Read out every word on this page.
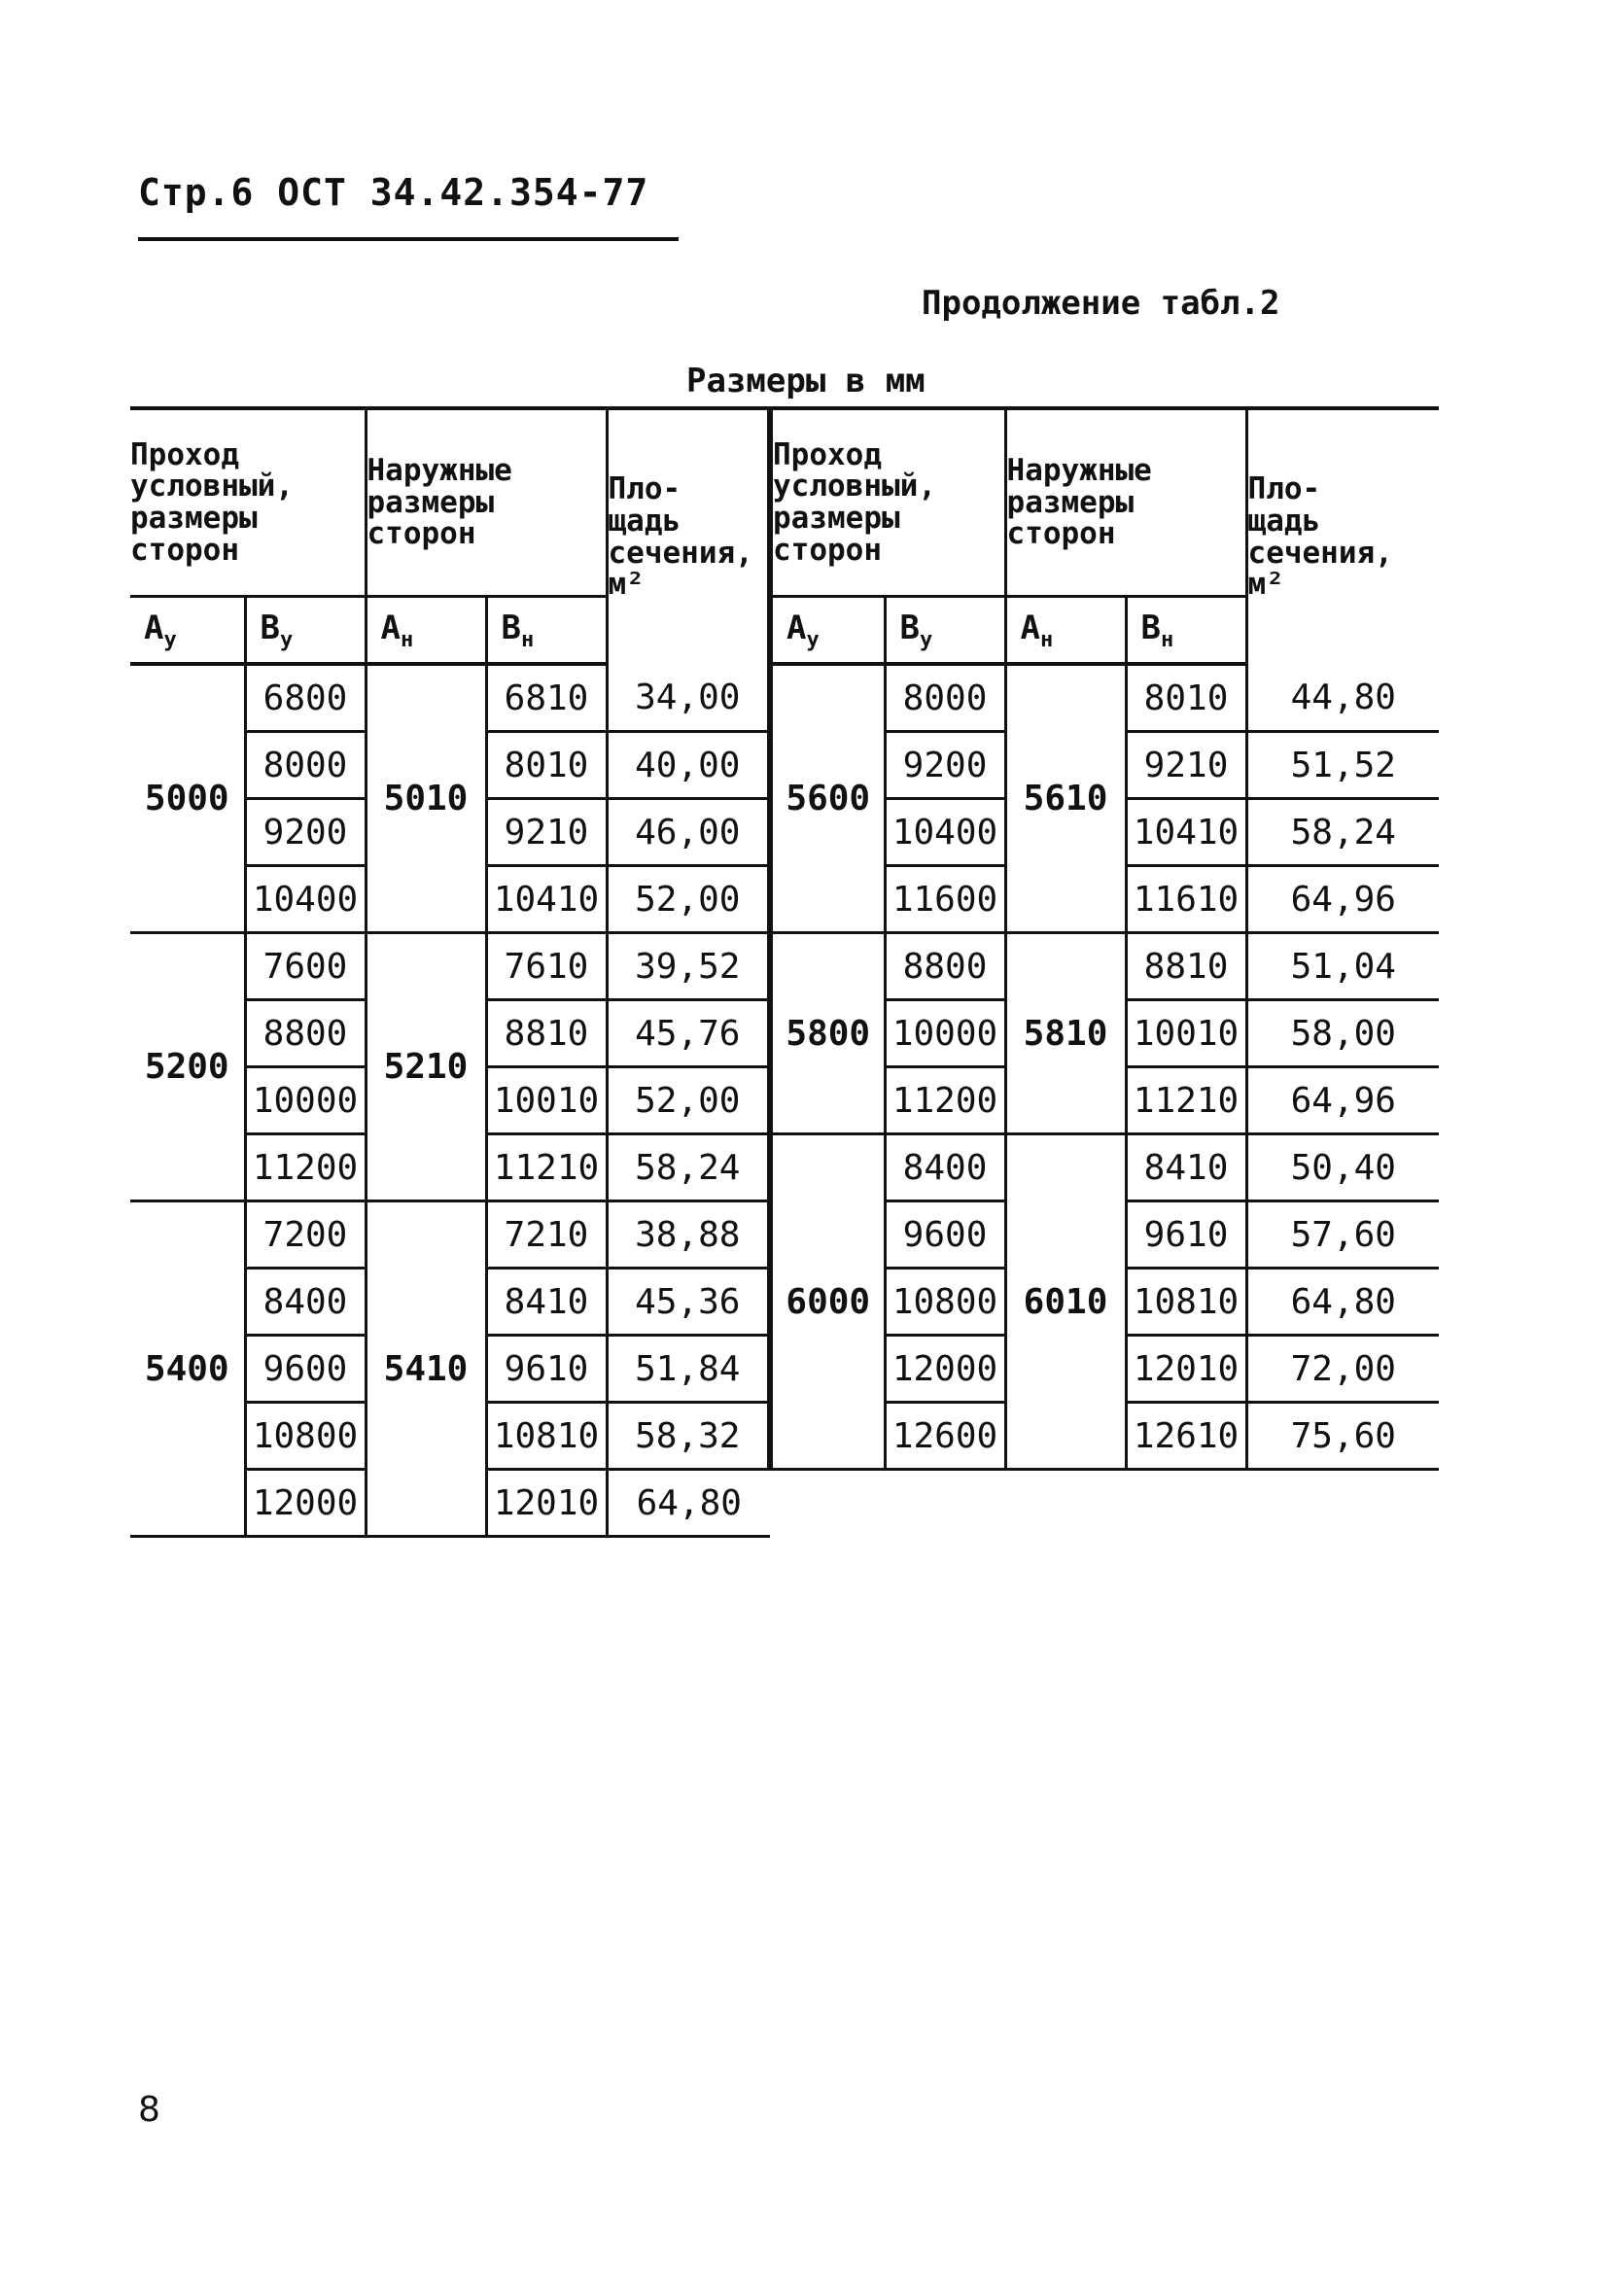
Стр.6 ОСТ 34.42.354-77
Продолжение табл.2
Размеры в мм
Проход
условный,
размеры
сторон		Наружные
размеры
сторон		Пло-
щадь
сечения,
м²	Проход
условный,
размеры
сторон		Наружные
размеры
сторон		Пло-
щадь
сечения,
м²
$А_у$	$В_у$	$А_н$	$В_н$		$А_у$	$В_у$	$А_н$	$В_н$
5000	6800	5010	6810	34,00	5600	8000	5610	8010	44,80
	8000		8010	40,00		9200		9210	51,52
	9200		9210	46,00		10400		10410	58,24
	10400		10410	52,00		11600		11610	64,96
5200	7600	5210	7610	39,52	5800	8800	5810	8810	51,04
	8800		8810	45,76		10000		10010	58,00
	10000		10010	52,00		11200		11210	64,96
	11200		11210	58,24	6000	8400	6010	8410	50,40
5400	7200	5410	7210	38,88		9600		9610	57,60
	8400		8410	45,36		10800		10810	64,80
	9600		9610	51,84		12000		12010	72,00
	10800		10810	58,32		12600		12610	75,60
	12000		12010	64,80					
8
